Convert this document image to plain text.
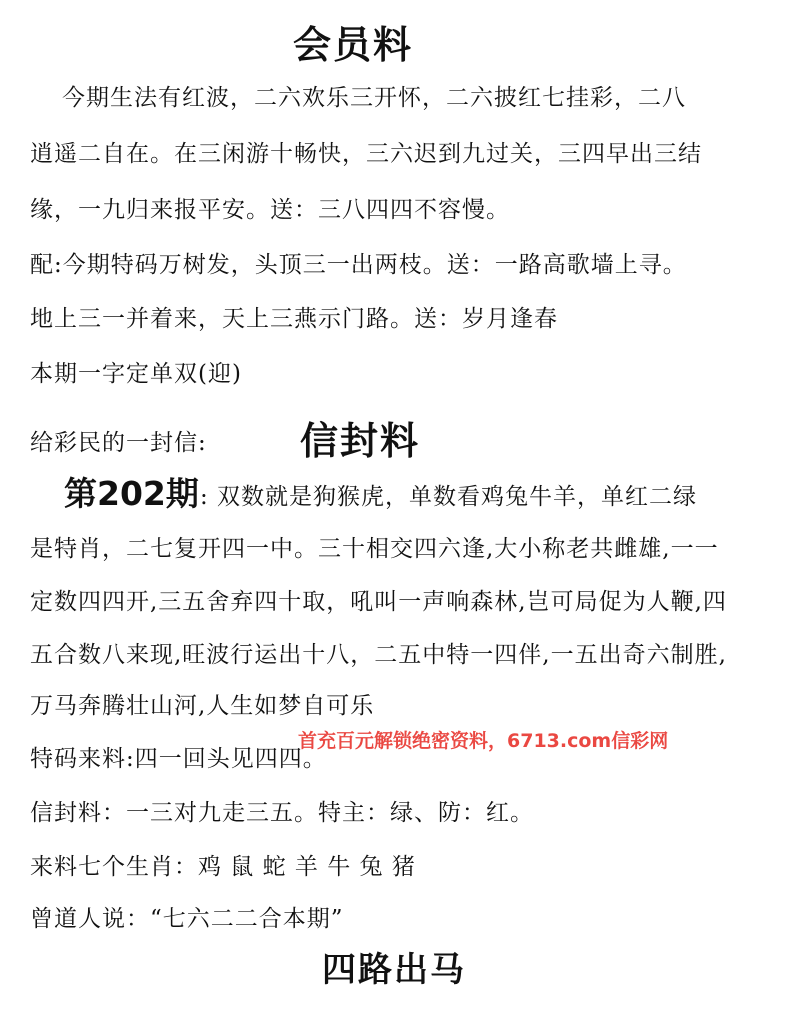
会员料
今期生法有红波，二六欢乐三开怀，二六披红七挂彩，二八
逍遥二自在。在三闲游十畅快，三六迟到九过关，三四早出三结
缘，一九归来报平安。送：三八四四不容慢。
配:今期特码万树发，头顶三一出两枝。送：一路高歌墙上寻。
地上三一并着来，天上三燕示门路。送：岁月逢春
本期一字定单双(迎)
给彩民的一封信: 信封料
第202期 : 双数就是狗猴虎，单数看鸡兔牛羊，单红二绿
是特肖，二七复开四一中。三十相交四六逢,大小称老共雌雄,一一
定数四四开,三五舍弃四十取，吼叫一声响森林,岂可局促为人鞭,四
五合数八来现,旺波行运出十八，二五中特一四伴,一五出奇六制胜,
万马奔腾壮山河,人生如梦自可乐
特码来料:四一回头见四四。
首充百元解锁绝密资料，6713.com信彩网
信封料：一三对九走三五。特主：绿、防：红。
来料七个生肖：鸡 鼠 蛇 羊 牛 兔 猪
曾道人说：“七六二二合本期”
四路出马
